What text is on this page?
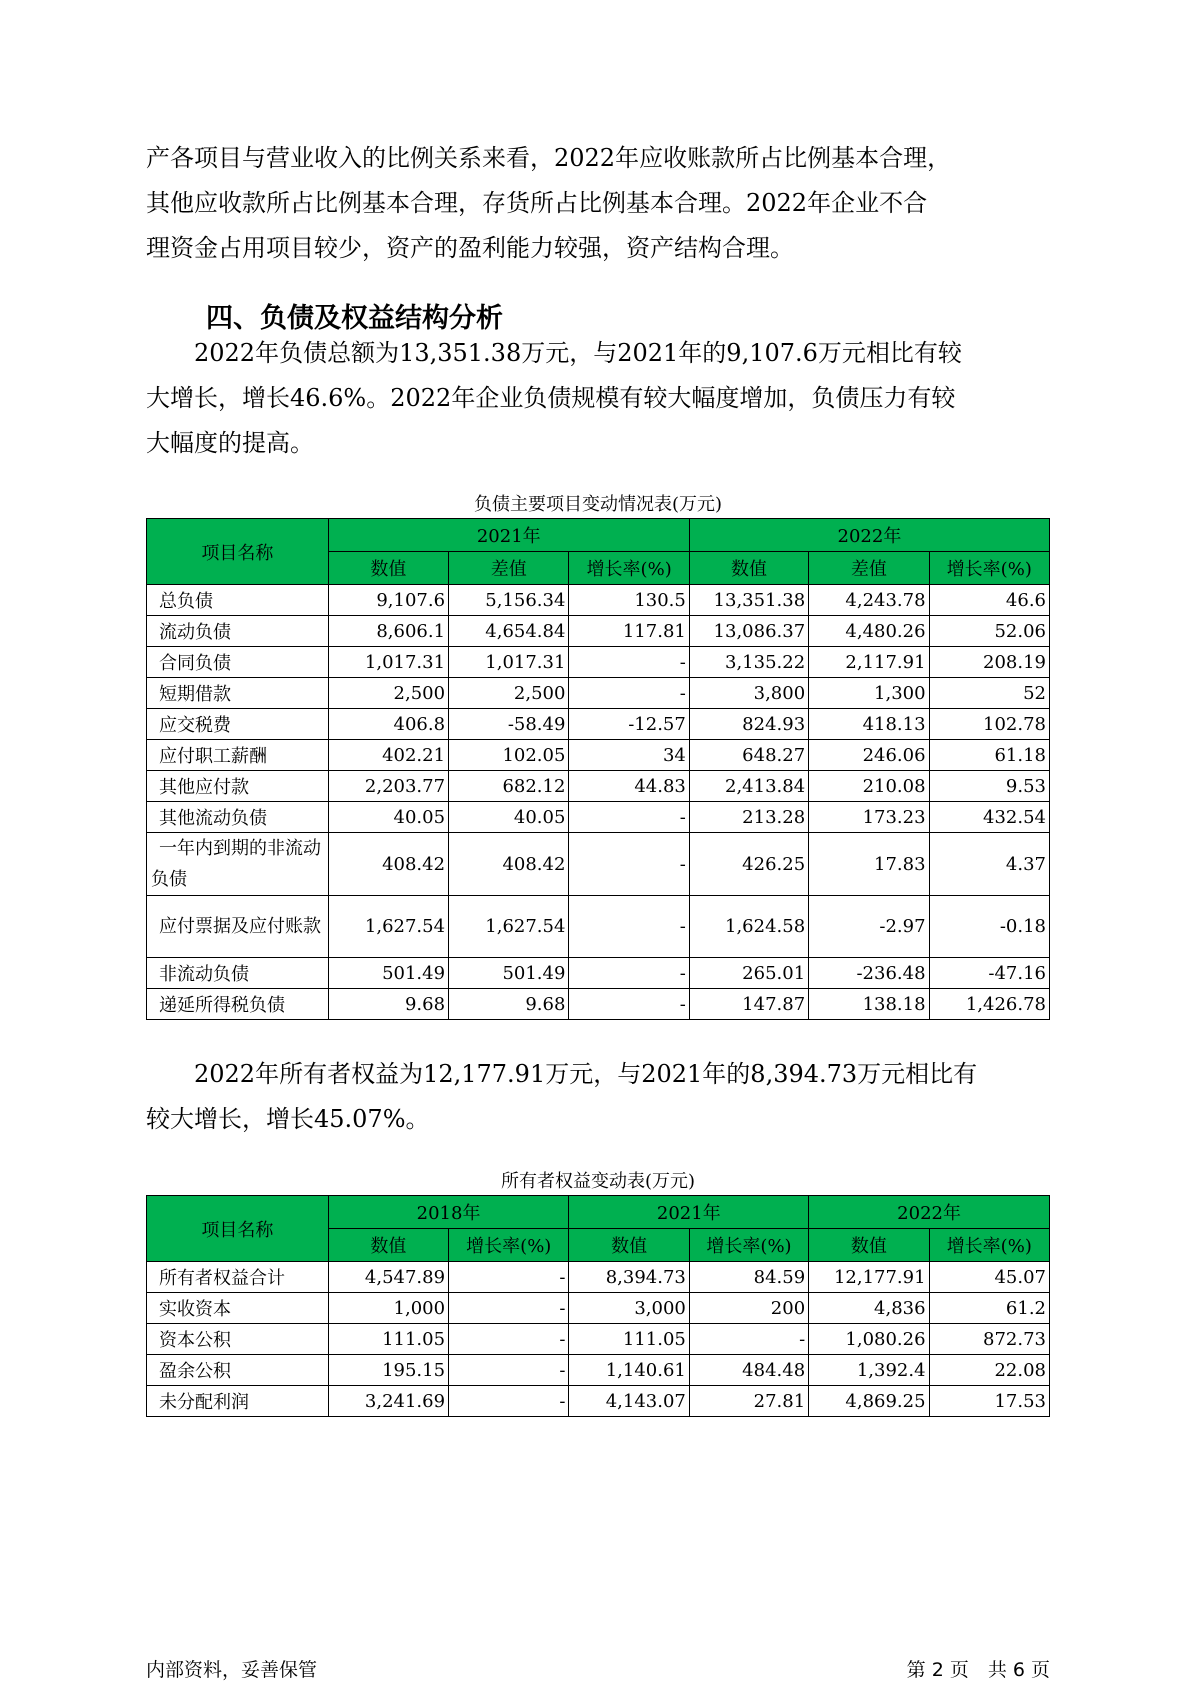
产各项目与营业收入的比例关系来看，2022年应收账款所占比例基本合理，
其他应收款所占比例基本合理，存货所占比例基本合理。2022年企业不合
理资金占用项目较少，资产的盈利能力较强，资产结构合理。
四、负债及权益结构分析
　　2022年负债总额为13,351.38万元，与2021年的9,107.6万元相比有较
大增长，增长46.6%。2022年企业负债规模有较大幅度增加，负债压力有较
大幅度的提高。
负债主要项目变动情况表(万元)
项目名称	2021年			2022年		
	数值	差值	增长率(%)	数值	差值	增长率(%)
总负债	9,107.6	5,156.34	130.5	13,351.38	4,243.78	46.6
流动负债	8,606.1	4,654.84	117.81	13,086.37	4,480.26	52.06
合同负债	1,017.31	1,017.31	-	3,135.22	2,117.91	208.19
短期借款	2,500	2,500	-	3,800	1,300	52
应交税费	406.8	-58.49	-12.57	824.93	418.13	102.78
应付职工薪酬	402.21	102.05	34	648.27	246.06	61.18
其他应付款	2,203.77	682.12	44.83	2,413.84	210.08	9.53
其他流动负债	40.05	40.05	-	213.28	173.23	432.54
一年内到期的非流动负债	408.42	408.42	-	426.25	17.83	4.37
应付票据及应付账款	1,627.54	1,627.54	-	1,624.58	-2.97	-0.18
非流动负债	501.49	501.49	-	265.01	-236.48	-47.16
递延所得税负债	9.68	9.68	-	147.87	138.18	1,426.78
　　2022年所有者权益为12,177.91万元，与2021年的8,394.73万元相比有
较大增长，增长45.07%。
所有者权益变动表(万元)
项目名称	2018年		2021年		2022年	
	数值	增长率(%)	数值	增长率(%)	数值	增长率(%)
所有者权益合计	4,547.89	-	8,394.73	84.59	12,177.91	45.07
实收资本	1,000	-	3,000	200	4,836	61.2
资本公积	111.05	-	111.05	-	1,080.26	872.73
盈余公积	195.15	-	1,140.61	484.48	1,392.4	22.08
未分配利润	3,241.69	-	4,143.07	27.81	4,869.25	17.53
内部资料，妥善保管	第 2 页　共 6 页
